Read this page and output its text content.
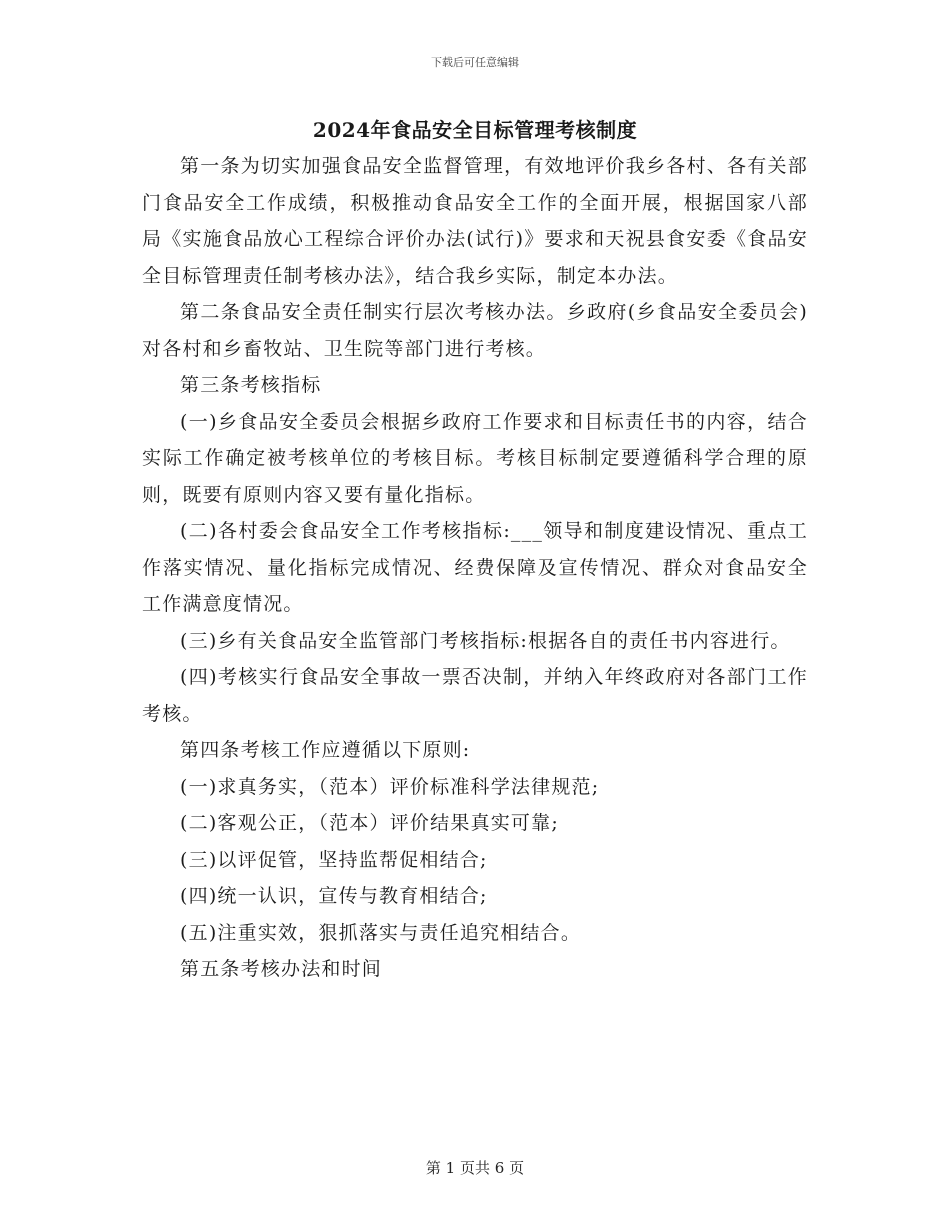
下载后可任意编辑
2024年食品安全目标管理考核制度

第一条为切实加强食品安全监督管理，有效地评价我乡各村、各有关部门食品安全工作成绩，积极推动食品安全工作的全面开展，根据国家八部局《实施食品放心工程综合评价办法(试行)》要求和天祝县食安委《食品安全目标管理责任制考核办法》，结合我乡实际，制定本办法。

第二条食品安全责任制实行层次考核办法。乡政府(乡食品安全委员会)对各村和乡畜牧站、卫生院等部门进行考核。

第三条考核指标

(一)乡食品安全委员会根据乡政府工作要求和目标责任书的内容，结合实际工作确定被考核单位的考核目标。考核目标制定要遵循科学合理的原则，既要有原则内容又要有量化指标。

(二)各村委会食品安全工作考核指标:___领导和制度建设情况、重点工作落实情况、量化指标完成情况、经费保障及宣传情况、群众对食品安全工作满意度情况。

(三)乡有关食品安全监管部门考核指标:根据各自的责任书内容进行。

(四)考核实行食品安全事故一票否决制，并纳入年终政府对各部门工作考核。

第四条考核工作应遵循以下原则:

(一)求真务实，（范本）评价标准科学法律规范;

(二)客观公正，（范本）评价结果真实可靠;

(三)以评促管，坚持监帮促相结合;

(四)统一认识，宣传与教育相结合;

(五)注重实效，狠抓落实与责任追究相结合。

第五条考核办法和时间

第 1 页共 6 页
